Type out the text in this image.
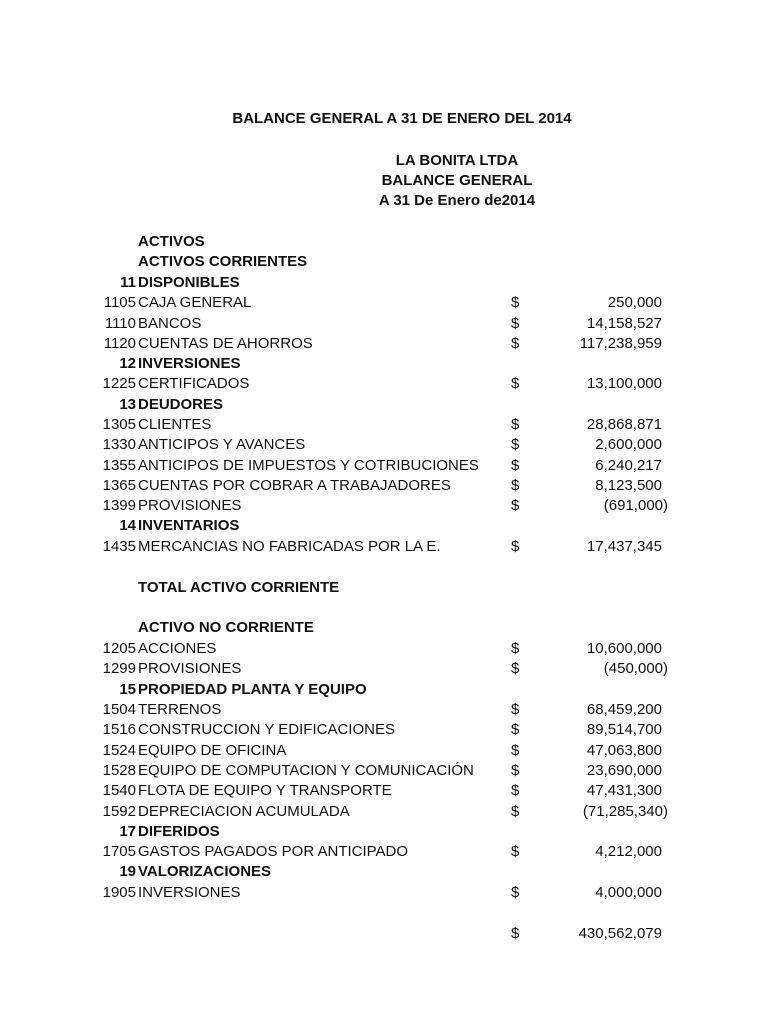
BALANCE GENERAL A 31 DE ENERO DEL 2014
LA BONITA LTDA
BALANCE GENERAL
A 31 De Enero de2014
ACTIVOS
ACTIVOS CORRIENTES
11 DISPONIBLES
1105 CAJA GENERAL	$	250,000
1110 BANCOS	$	14,158,527
1120 CUENTAS DE AHORROS	$	117,238,959
12 INVERSIONES
1225 CERTIFICADOS	$	13,100,000
13 DEUDORES
1305 CLIENTES	$	28,868,871
1330 ANTICIPOS Y AVANCES	$	2,600,000
1355 ANTICIPOS DE IMPUESTOS Y COTRIBUCIONES $	6,240,217
1365 CUENTAS POR COBRAR A TRABAJADORES	$	8,123,500
1399 PROVISIONES	$	(691,000)
14 INVENTARIOS
1435 MERCANCIAS NO FABRICADAS POR LA E.	$	17,437,345
TOTAL ACTIVO CORRIENTE
ACTIVO NO CORRIENTE
1205 ACCIONES	$	10,600,000
1299 PROVISIONES	$	(450,000)
15 PROPIEDAD PLANTA Y EQUIPO
1504 TERRENOS	$	68,459,200
1516 CONSTRUCCION Y EDIFICACIONES	$	89,514,700
1524 EQUIPO DE OFICINA	$	47,063,800
1528 EQUIPO DE COMPUTACION Y COMUNICACIÓN $	23,690,000
1540 FLOTA DE EQUIPO Y TRANSPORTE	$	47,431,300
1592 DEPRECIACION ACUMULADA	$	(71,285,340)
17 DIFERIDOS
1705 GASTOS PAGADOS POR ANTICIPADO	$	4,212,000
19 VALORIZACIONES
1905 INVERSIONES	$	4,000,000
$	430,562,079
